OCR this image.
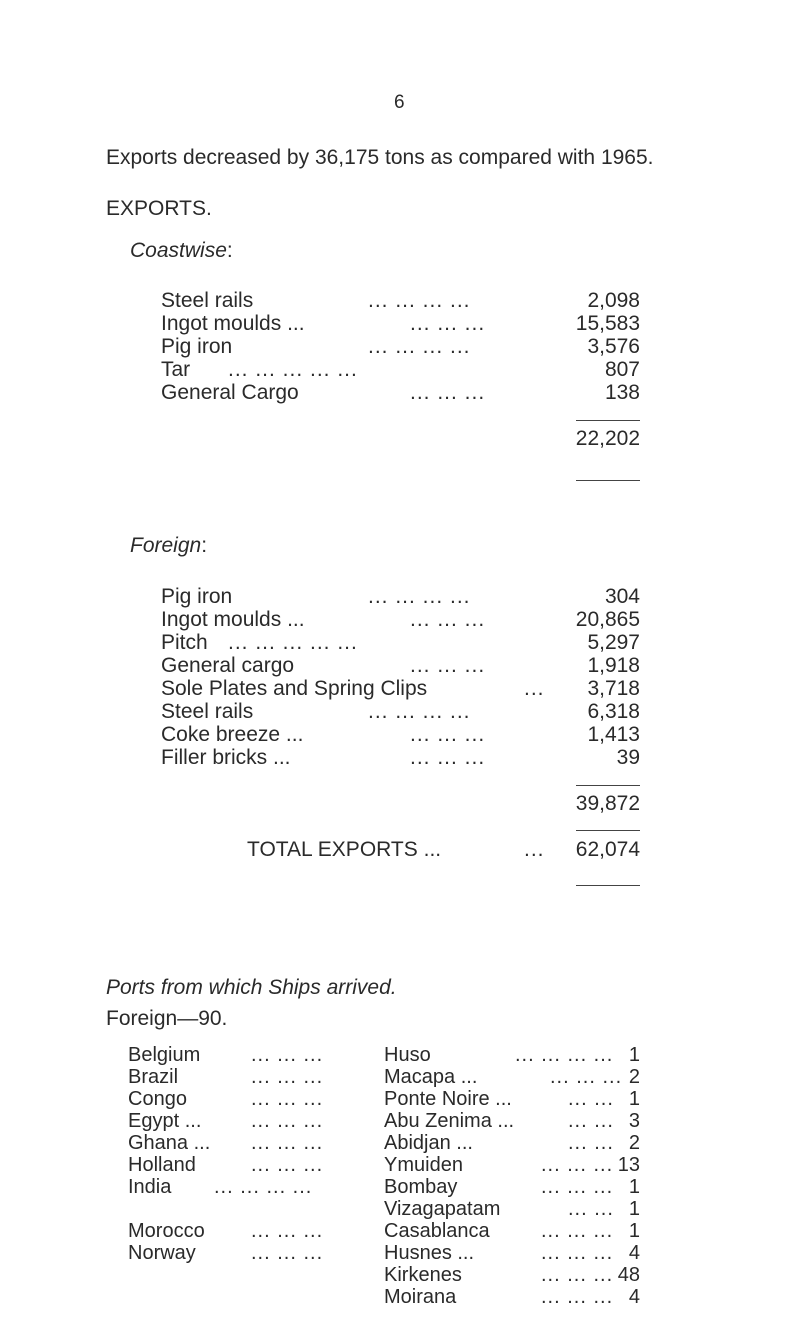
6
Exports decreased by 36,175 tons as compared with 1965.
EXPORTS.
Coastwise:
Steel rails	... ... ... ...	2,098
Ingot moulds ...	... ... ...	15,583
Pig iron	... ... ... ...	3,576
Tar ... ... ... ... ...	807
General Cargo	... ... ...	138
22,202
Foreign:
Pig iron	... ... ... ...	304
Ingot moulds ...	... ... ...	20,865
Pitch ... ... ... ... ...	5,297
General cargo	... ... ...	1,918
Sole Plates and Spring Clips	...	3,718
Steel rails	... ... ... ...	6,318
Coke breeze ...	... ... ...	1,413
Filler bricks ...	... ... ...	39
39,872
TOTAL EXPORTS ...	...	62,074
Ports from which Ships arrived.
Foreign—90.
Belgium	... ... ...	Huso	... ... ... ... 1
Brazil	... ... ...	Macapa ...	... ... ... 2
Congo	... ... ...	Ponte Noire ...	... ... 1
Egypt ... ... ... ...	Abu Zenima ...	... ... 3
Ghana ... ... ... ...	Abidjan ...	... ... 2
Holland	... ... ...	Ymuiden	... ... ... 13
India ... ... ... ...	Bombay	... ... ... 1
Vizagapatam	... ... 1
Morocco ... ... ...	Casablanca	... ... ... 1
Norway	... ... ...	Husnes ...	... ... ... 4
Kirkenes	... ... ... 48
Moirana	... ... ... 4
